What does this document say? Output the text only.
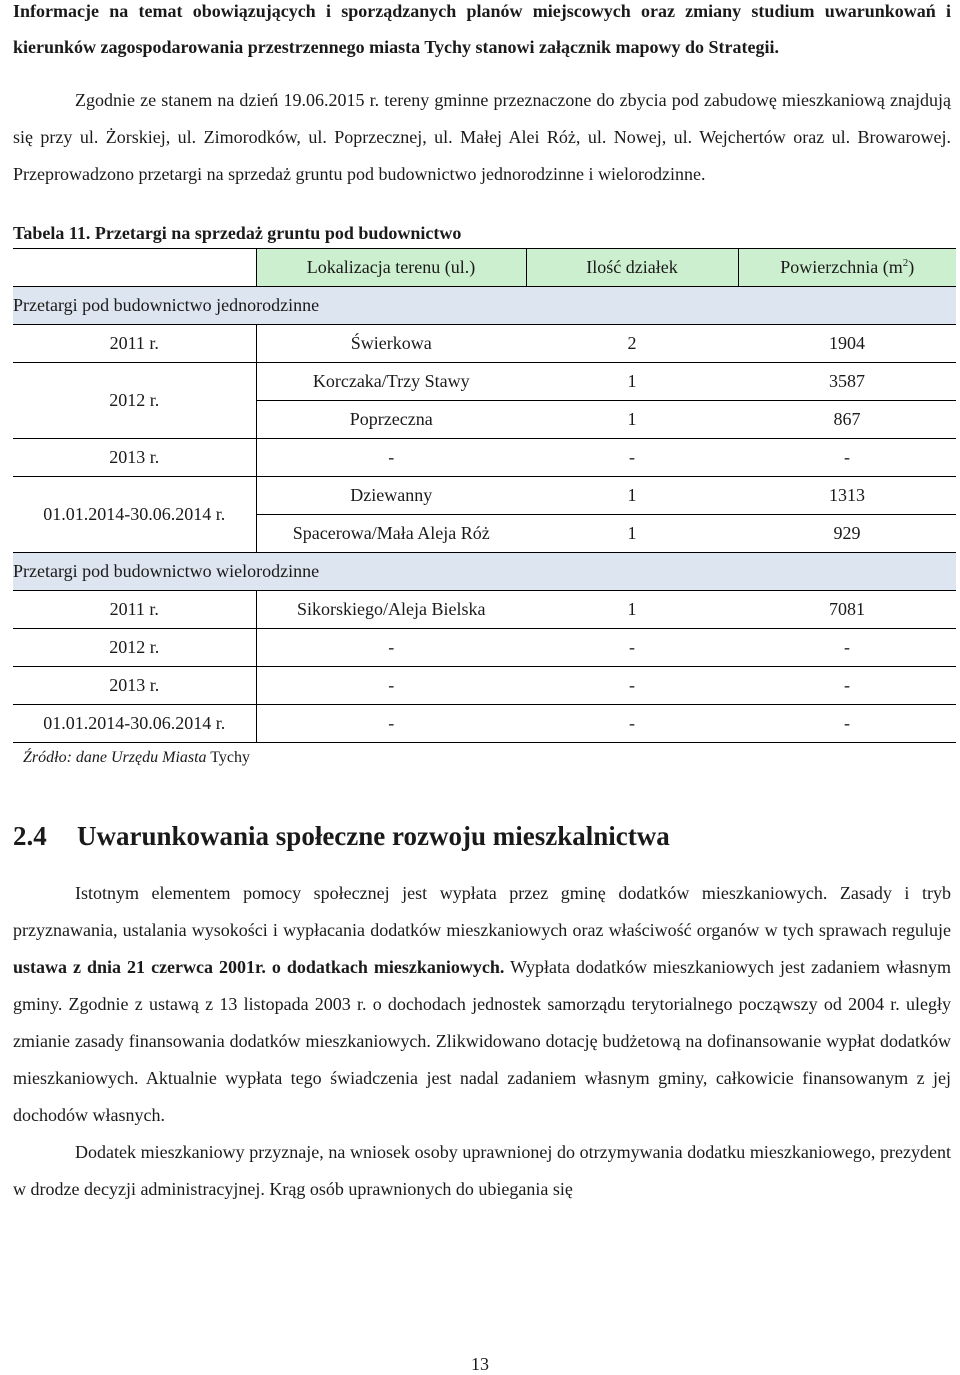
Informacje na temat obowiązujących i sporządzanych planów miejscowych oraz zmiany studium uwarunkowań i kierunków zagospodarowania przestrzennego miasta Tychy stanowi załącznik mapowy do Strategii.

Zgodnie ze stanem na dzień 19.06.2015 r. tereny gminne przeznaczone do zbycia pod zabudowę mieszkaniową znajdują się przy ul. Żorskiej, ul. Zimorodków, ul. Poprzecznej, ul. Małej Alei Róż, ul. Nowej, ul. Wejchertów oraz ul. Browarowej. Przeprowadzono przetargi na sprzedaż gruntu pod budownictwo jednorodzinne i wielorodzinne.

Tabela 11. Przetargi na sprzedaż gruntu pod budownictwo
	Lokalizacja terenu (ul.)	Ilość działek	Powierzchnia $(m^2)$
Przetargi pod budownictwo jednorodzinne			
2011 r.	Świerkowa	2	1904
2012 r.	Korczaka/Trzy Stawy	1	3587
	Poprzeczna	1	867
2013 r.	-	-	-
01.01.2014-30.06.2014 r.	Dziewanny	1	1313
	Spacerowa/Mała Aleja Róż	1	929
Przetargi pod budownictwo wielorodzinne			
2011 r.	Sikorskiego/Aleja Bielska	1	7081
2012 r.	-	-	-
2013 r.	-	-	-
01.01.2014-30.06.2014 r.	-	-	-
Źródło: dane Urzędu Miasta Tychy
2.4 Uwarunkowania społeczne rozwoju mieszkalnictwa

Istotnym elementem pomocy społecznej jest wypłata przez gminę dodatków mieszkaniowych. Zasady i tryb przyznawania, ustalania wysokości i wypłacania dodatków mieszkaniowych oraz właściwość organów w tych sprawach reguluje ustawa z dnia 21 czerwca 2001r. o dodatkach mieszkaniowych. Wypłata dodatków mieszkaniowych jest zadaniem własnym gminy. Zgodnie z ustawą z 13 listopada 2003 r. o dochodach jednostek samorządu terytorialnego począwszy od 2004 r. uległy zmianie zasady finansowania dodatków mieszkaniowych. Zlikwidowano dotację budżetową na dofinansowanie wypłat dodatków mieszkaniowych. Aktualnie wypłata tego świadczenia jest nadal zadaniem własnym gminy, całkowicie finansowanym z jej dochodów własnych.

Dodatek mieszkaniowy przyznaje, na wniosek osoby uprawnionej do otrzymywania dodatku mieszkaniowego, prezydent w drodze decyzji administracyjnej. Krąg osób uprawnionych do ubiegania się

13
